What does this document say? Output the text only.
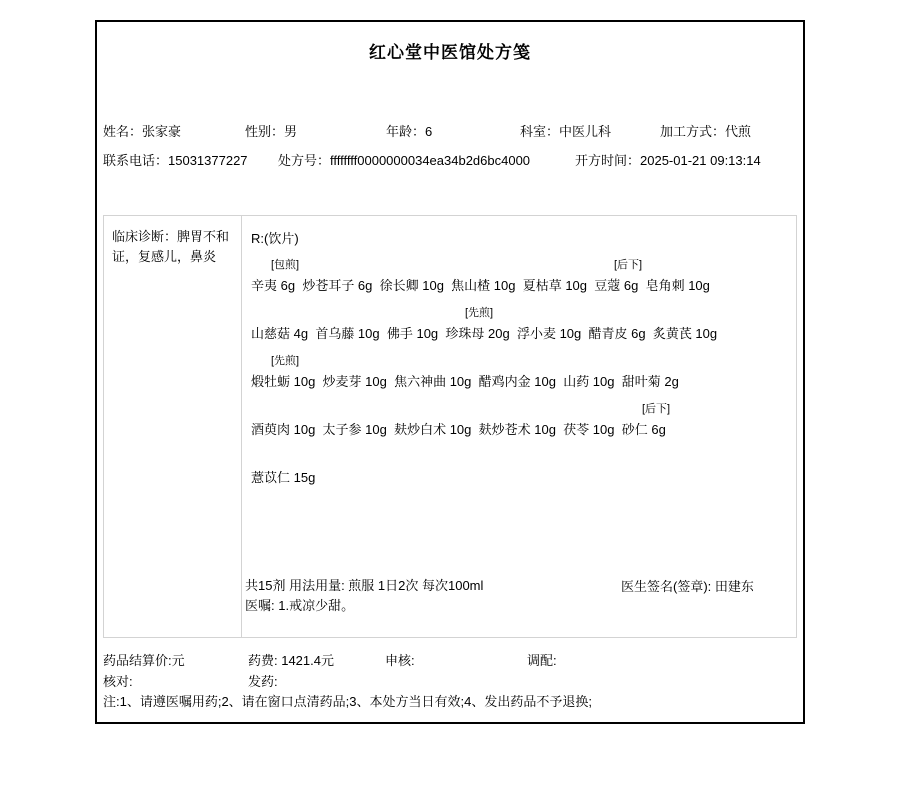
红心堂中医馆处方笺
姓名：张家豪	性别：男	年龄：6	科室：中医儿科	加工方式：代煎
联系电话：15031377227 处方号：ffffffff0000000034ea34b2d6bc4000	开方时间：2025-01-21 09:13:14
临床诊断：脾胃不和证，复感儿，鼻炎
R:(饮片)
共15剂 用法用量: 煎服 1日2次 每次100ml
医嘱: 1.戒凉少甜。
医生签名(签章): 田建东
辛夷 6g 炒苍耳子 6g 徐长卿 10g 焦山楂 10g 夏枯草 10g 豆蔻 6g 皂角刺 10g
[包煎]	[后下]
山慈菇 4g 首乌藤 10g 佛手 10g 珍珠母 20g 浮小麦 10g 醋青皮 6g 炙黄芪 10g
[先煎]
煅牡蛎 10g 炒麦芽 10g 焦六神曲 10g 醋鸡内金 10g 山药 10g 甜叶菊 2g
[先煎]
酒萸肉 10g 太子参 10g 麸炒白术 10g 麸炒苍术 10g 茯苓 10g 砂仁 6g
[后下]
薏苡仁 15g
药品结算价:元	药费: 1421.4元	申核:	调配:
核对:	发药:
注:1、请遵医嘱用药;2、请在窗口点清药品;3、本处方当日有效;4、发出药品不予退换;
